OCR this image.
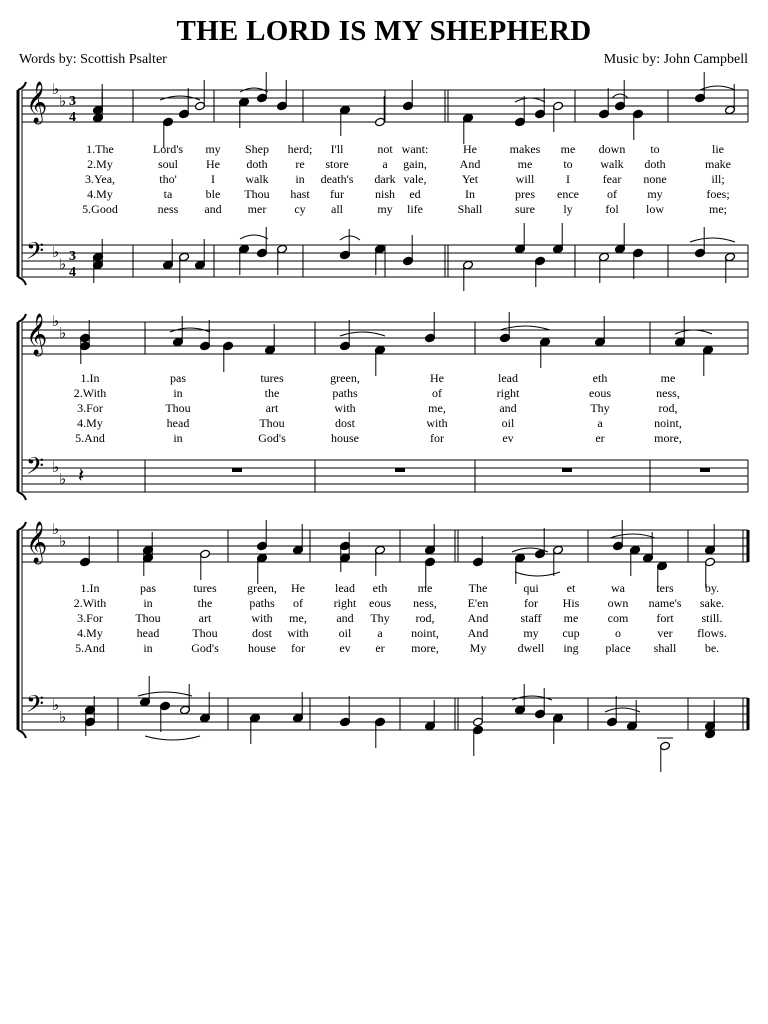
THE LORD IS MY SHEPHERD
Words by: Scottish Psalter	Music by: John Campbell
𝄞
𝄢
♭
♭
♭
♭
3
4
3
4
1.The
2.My
3.Yea,
4.My
5.Good
Lord's
soul
tho'
ta
ness
my
He
I
ble
and
Shep
doth
walk
Thou
mer
herd;
re
in
hast
cy
I'll
store
death's
fur
all
not
a
dark
nish
my
want:
gain,
vale,
ed
life
He
And
Yet
In
Shall
makes
me
will
pres
sure
me
to
I
ence
ly
down
walk
fear
of
fol
to
doth
none
my
low
lie
make
ill;
foes;
me;
𝄞
𝄢
♭
♭
♭
♭ 𝄽
1.In
2.With
3.For
4.My
5.And
pas
in
Thou
head
in
tures
the
art
Thou
God's
green,
paths
with
dost
house
He
of
me,
with
for
lead
right
and
oil
ev
eth
eous
Thy
a
er
me
ness,
rod,
noint,
more,
𝄞
𝄢
♭
♭
♭
♭
1.In
2.With
3.For
4.My
5.And
pas
in
Thou
head
in
tures
the
art
Thou
God's
green,
paths
with
dost
house
He
of
me,
with
for
lead
right
and
oil
ev
eth
eous
Thy
a
er
me
ness,
rod,
noint,
more,
The
E'en
And
And
My
qui
for
staff
my
dwell
et
His
me
cup
ing
wa
own
com
o
place
ters
name's
fort
ver
shall
by.
sake.
still.
flows.
be.
